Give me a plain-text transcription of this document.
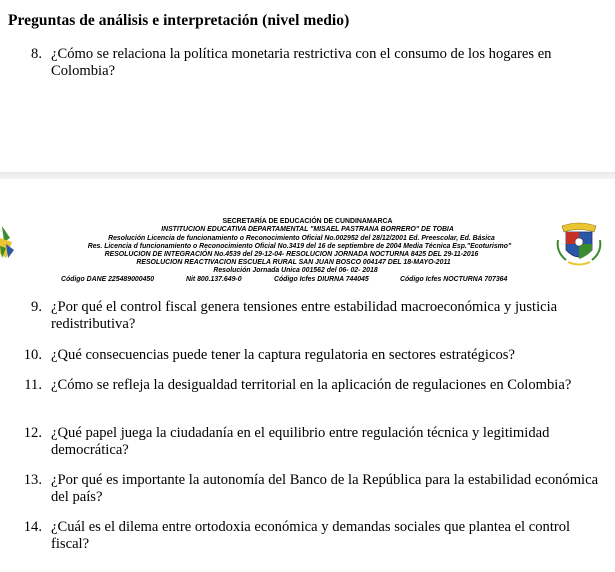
Preguntas de análisis e interpretación (nivel medio)
8. ¿Cómo se relaciona la política monetaria restrictiva con el consumo de los hogares en Colombia?
SECRETARÍA DE EDUCACIÓN DE CUNDINAMARCA
INSTITUCION EDUCATIVA DEPARTAMENTAL "MISAEL PASTRANA BORRERO" DE TOBIA
Resolución Licencia de funcionamiento o Reconocimiento Oficial No.002952 del 28/12/2001 Ed. Preescolar, Ed. Básica
Res. Licencia d funcionamiento o Reconocimiento Oficial No.3419 del 16 de septiembre de 2004 Media Técnica Esp."Ecoturismo"
RESOLUCION DE INTEGRACIÓN No.4539 del 29-12-04- RESOLUCION JORNADA NOCTURNA 8425 DEL 29-11-2016
RESOLUCION REACTIVACION ESCUELA RURAL SAN JUAN BOSCO 004147 DEL 18-MAYO-2011
Resolución Jornada Unica 001562 del 06- 02- 2018
Código DANE 225489000450	Nit 800.137.649-0	Código Icfes DIURNA 744045	Código Icfes NOCTURNA 707364
9. ¿Por qué el control fiscal genera tensiones entre estabilidad macroeconómica y justicia redistributiva?
10. ¿Qué consecuencias puede tener la captura regulatoria en sectores estratégicos?
11. ¿Cómo se refleja la desigualdad territorial en la aplicación de regulaciones en Colombia?
12. ¿Qué papel juega la ciudadanía en el equilibrio entre regulación técnica y legitimidad democrática?
13. ¿Por qué es importante la autonomía del Banco de la República para la estabilidad económica del país?
14. ¿Cuál es el dilema entre ortodoxia económica y demandas sociales que plantea el control fiscal?
